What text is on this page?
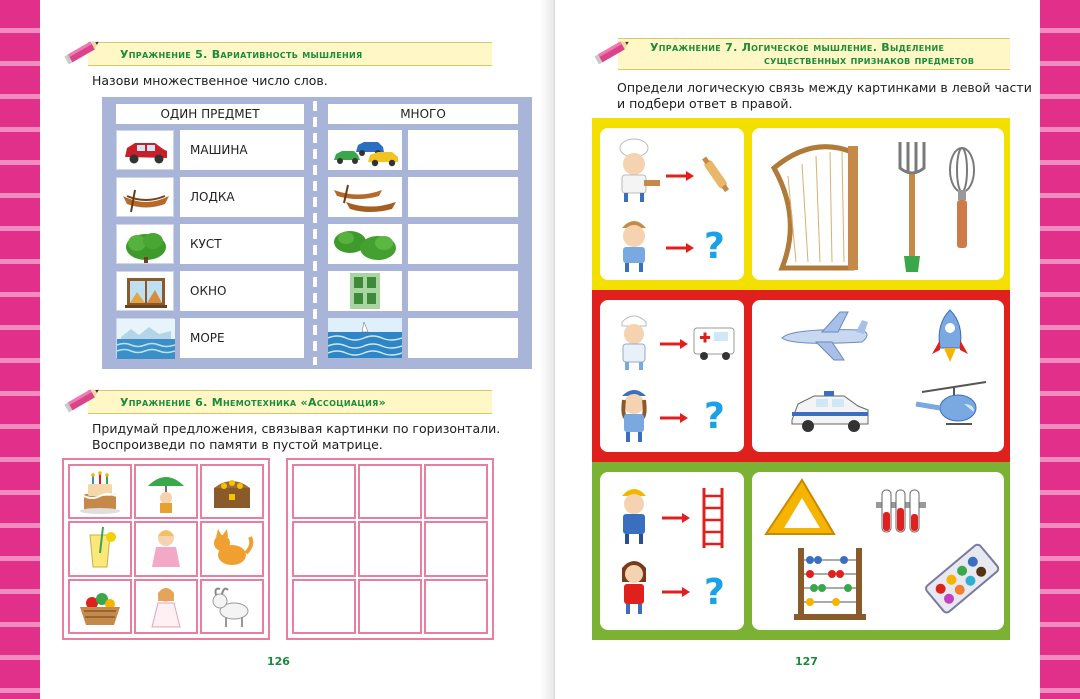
Упражнение 5. Вариативность мышления
Назови множественное число слов.
ОДИН ПРЕДМЕТ	МНОГО
МАШИНА
ЛОДКА
КУСТ
ОКНО
МОРЕ
Упражнение 6. Мнемотехника «Ассоциация»
Придумай предложения, связывая картинки по горизонтали.
Воспроизведи по памяти в пустой матрице.
126
Упражнение 7. Логическое мышление. Выделение
существенных признаков предметов
Определи логическую связь между картинками в левой части
и подбери ответ в правой.
?
?
?
127
